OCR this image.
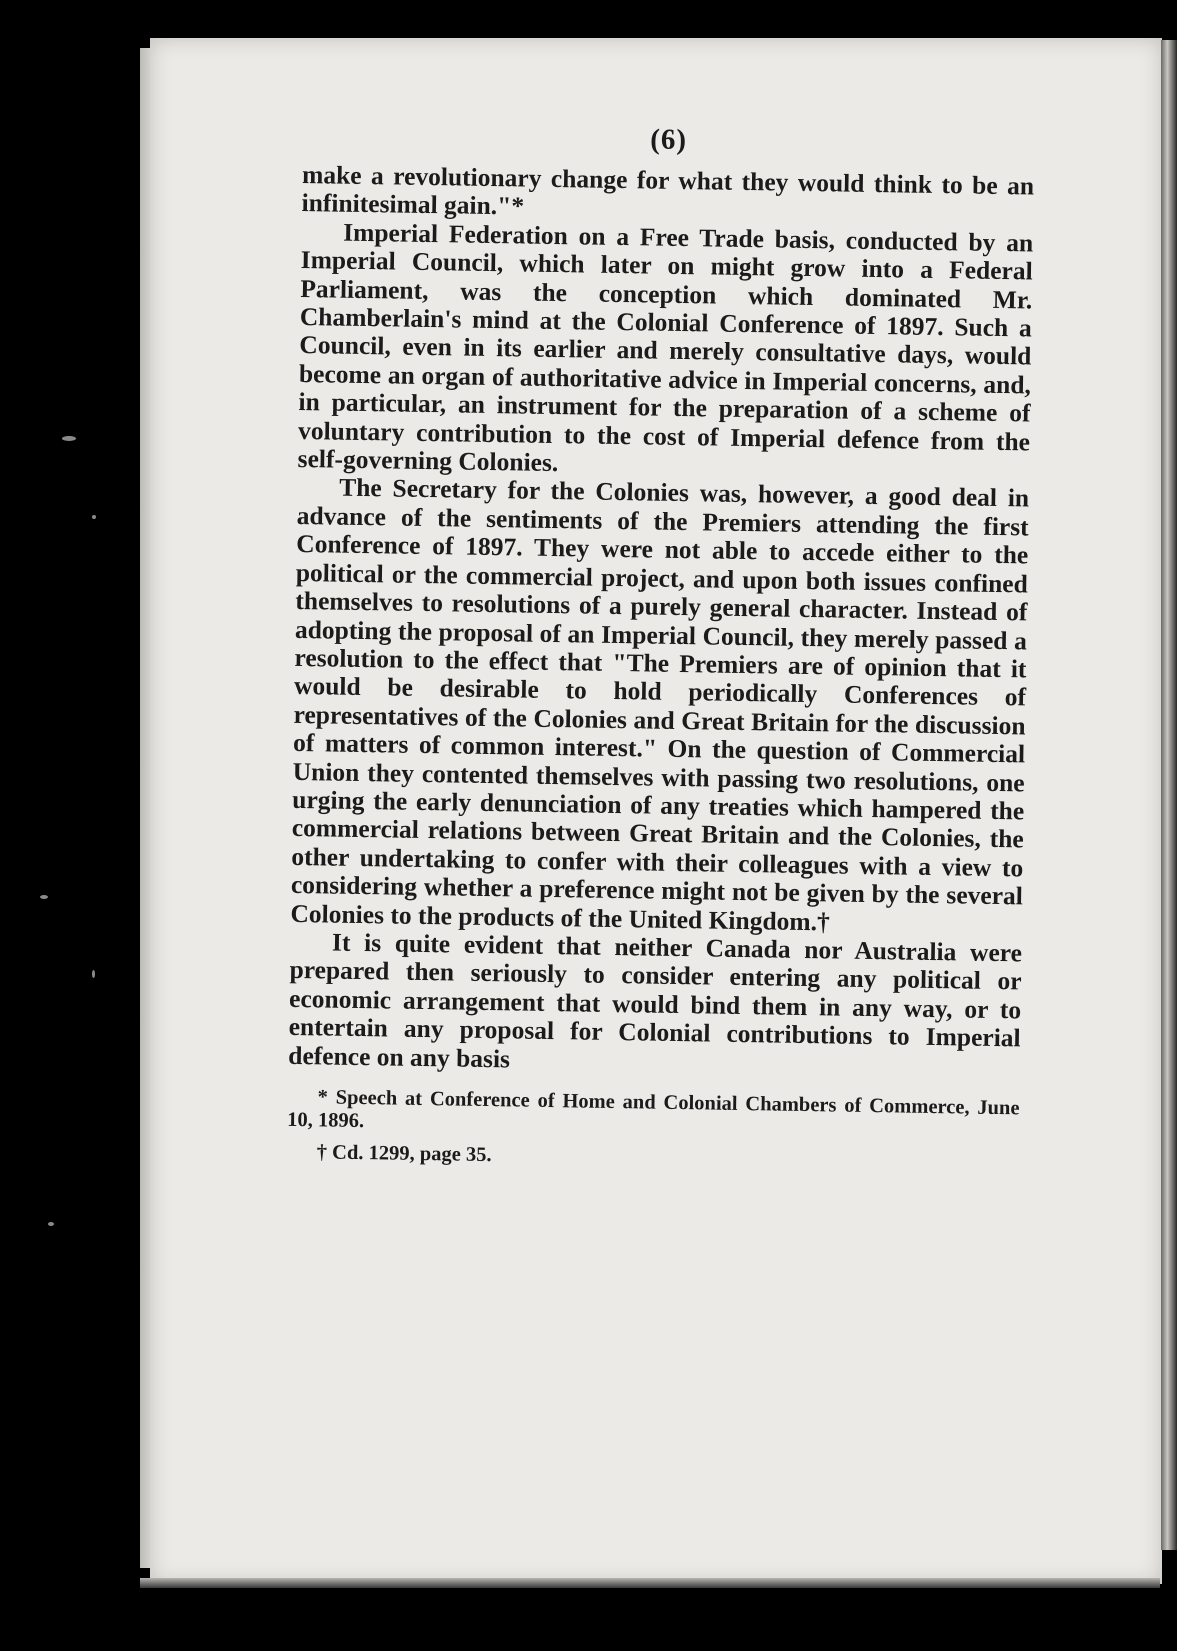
(6)

make a revolutionary change for what they would think to be an infinitesimal gain."*

Imperial Federation on a Free Trade basis, conducted by an Imperial Council, which later on might grow into a Federal Parliament, was the conception which dominated Mr. Chamberlain's mind at the Colonial Conference of 1897. Such a Council, even in its earlier and merely consultative days, would become an organ of authoritative advice in Imperial concerns, and, in particular, an instrument for the preparation of a scheme of voluntary contribution to the cost of Imperial defence from the self-governing Colonies.

The Secretary for the Colonies was, however, a good deal in advance of the sentiments of the Premiers attending the first Conference of 1897. They were not able to accede either to the political or the commercial project, and upon both issues confined themselves to resolutions of a purely general character. Instead of adopting the proposal of an Imperial Council, they merely passed a resolution to the effect that "The Premiers are of opinion that it would be desirable to hold periodically Conferences of representatives of the Colonies and Great Britain for the discussion of matters of common interest." On the question of Commercial Union they contented themselves with passing two resolutions, one urging the early denunciation of any treaties which hampered the commercial relations between Great Britain and the Colonies, the other undertaking to confer with their colleagues with a view to considering whether a preference might not be given by the several Colonies to the products of the United Kingdom.†

It is quite evident that neither Canada nor Australia were prepared then seriously to consider entering any political or economic arrangement that would bind them in any way, or to entertain any proposal for Colonial contributions to Imperial defence on any basis

* Speech at Conference of Home and Colonial Chambers of Commerce, June 10, 1896.

† Cd. 1299, page 35.
